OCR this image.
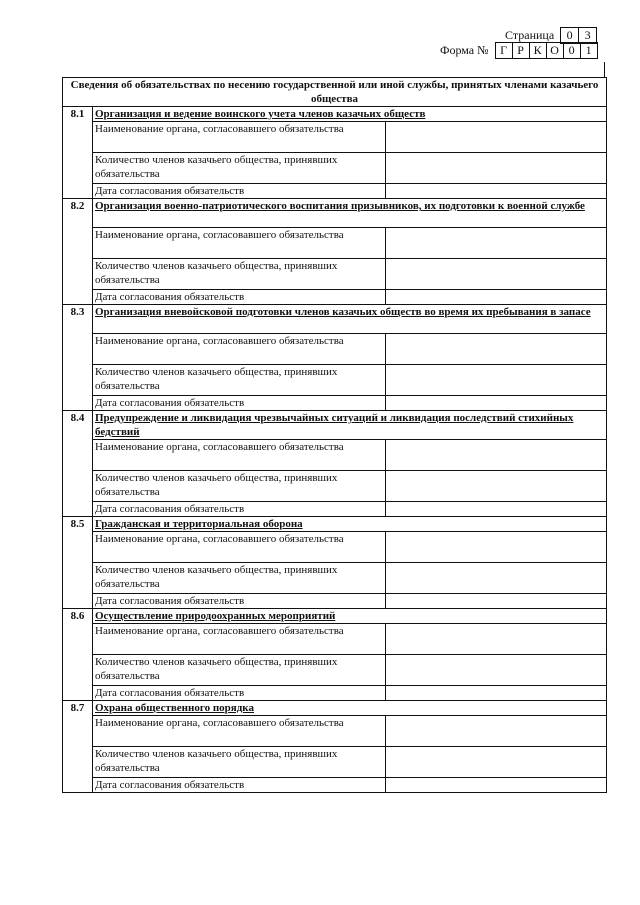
Страница	0	3
Форма № Г Р К О 0 1
Сведения об обязательствах по несению государственной или иной службы, принятых членами казачьего общества		
8.1	Организация и ведение воинского учета членов казачьих обществ	
	Наименование органа, согласовавшего обязательства	
	Количество членов казачьего общества, принявших обязательства	
	Дата согласования обязательств	
8.2	Организация военно-патриотического воспитания призывников, их подготовки к военной службе	
	Наименование органа, согласовавшего обязательства	
	Количество членов казачьего общества, принявших обязательства	
	Дата согласования обязательств	
8.3	Организация вневойсковой подготовки членов казачьих обществ во время их пребывания в запасе	
	Наименование органа, согласовавшего обязательства	
	Количество членов казачьего общества, принявших обязательства	
	Дата согласования обязательств	
8.4	Предупреждение и ликвидация чрезвычайных ситуаций и ликвидация последствий стихийных бедствий	
	Наименование органа, согласовавшего обязательства	
	Количество членов казачьего общества, принявших обязательства	
	Дата согласования обязательств	
8.5	Гражданская и территориальная оборона	
	Наименование органа, согласовавшего обязательства	
	Количество членов казачьего общества, принявших обязательства	
	Дата согласования обязательств	
8.6	Осуществление природоохранных мероприятий	
	Наименование органа, согласовавшего обязательства	
	Количество членов казачьего общества, принявших обязательства	
	Дата согласования обязательств	
8.7	Охрана общественного порядка	
	Наименование органа, согласовавшего обязательства	
	Количество членов казачьего общества, принявших обязательства	
	Дата согласования обязательств	
